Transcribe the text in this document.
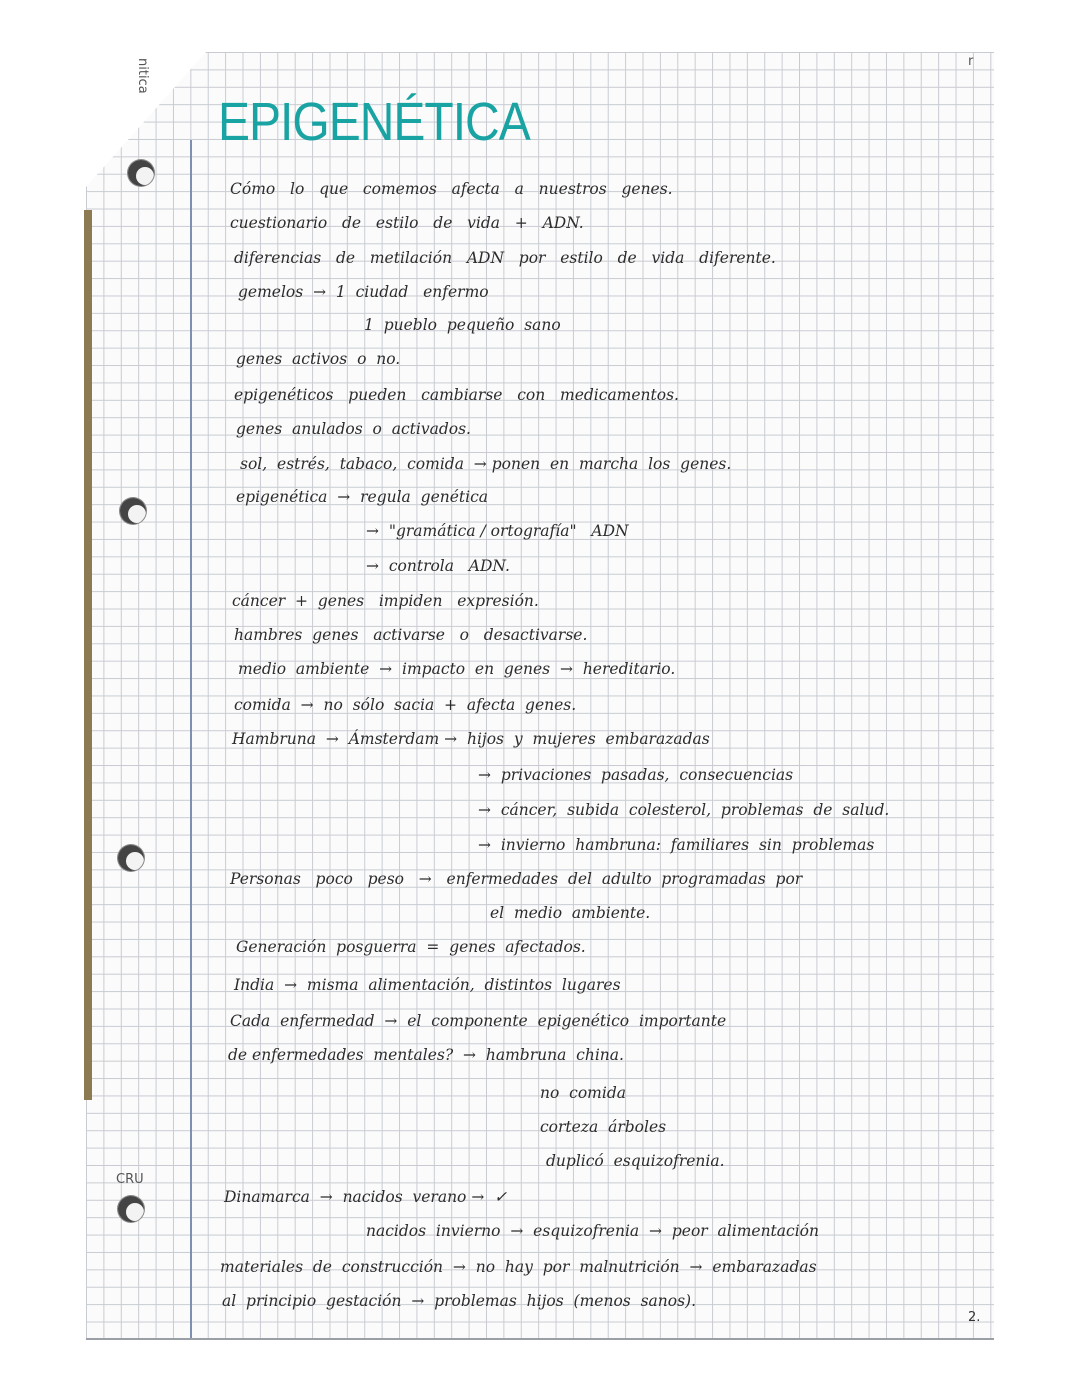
nitica
CRU
r
EPIGENÉTICA

Cómo   lo   que   comemos   afecta   a   nuestros   genes.

cuestionario   de   estilo   de   vida   +   ADN.

diferencias   de   metilación   ADN   por   estilo   de   vida   diferente.

gemelos  →  1  ciudad   enfermo

1  pueblo  pequeño  sano

genes  activos  o  no.

epigenéticos   pueden   cambiarse   con   medicamentos.

genes  anulados  o  activados.

sol,  estrés,  tabaco,  comida  → ponen  en  marcha  los  genes.

epigenética  →  regula  genética

→  "gramática / ortografía"   ADN

→  controla   ADN.

cáncer  +  genes   impiden   expresión.

hambres  genes   activarse   o   desactivarse.

medio  ambiente  →  impacto  en  genes  →  hereditario.

comida  →  no  sólo  sacia  +  afecta  genes.

Hambruna  →  Ámsterdam →  hijos  y  mujeres  embarazadas

→  privaciones  pasadas,  consecuencias

→  cáncer,  subida  colesterol,  problemas  de  salud.

→  invierno  hambruna:  familiares  sin  problemas

Personas   poco   peso   →   enfermedades  del  adulto  programadas  por

el  medio  ambiente.

Generación  posguerra  =  genes  afectados.

India  →  misma  alimentación,  distintos  lugares

Cada  enfermedad  →  el  componente  epigenético  importante

de enfermedades  mentales?  →  hambruna  china.

no  comida

corteza  árboles

duplicó  esquizofrenia.

Dinamarca  →  nacidos  verano →  ✓

nacidos  invierno  →  esquizofrenia  →  peor  alimentación

materiales  de  construcción  →  no  hay  por  malnutrición  →  embarazadas

al  principio  gestación  →  problemas  hijos  (menos  sanos).

2.
